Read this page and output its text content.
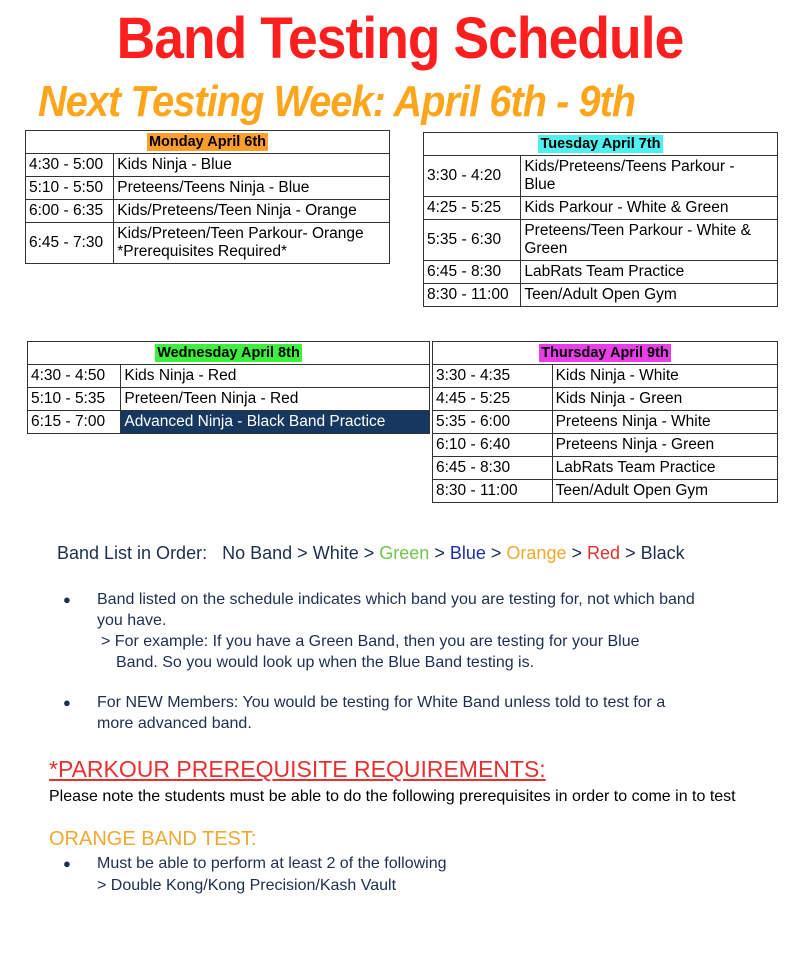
Band Testing Schedule
Next Testing Week: April 6th - 9th
Monday April 6th	
4:30 - 5:00	Kids Ninja - Blue
5:10 - 5:50	Preteens/Teens Ninja - Blue
6:00 - 6:35	Kids/Preteens/Teen Ninja - Orange
6:45 - 7:30	Kids/Preteen/Teen Parkour- Orange
*Prerequisites Required*
Tuesday April 7th	
3:30 - 4:20	Kids/Preteens/Teens Parkour -
Blue

4:25 - 5:25	Kids Parkour - White & Green
5:35 - 6:30	Preteens/Teen Parkour - White &
Green

6:45 - 8:30	LabRats Team Practice
8:30 - 11:00	Teen/Adult Open Gym
Wednesday April 8th	
4:30 - 4:50	Kids Ninja - Red
5:10 - 5:35	Preteen/Teen Ninja - Red
6:15 - 7:00	Advanced Ninja - Black Band Practice
Thursday April 9th	
3:30 - 4:35	Kids Ninja - White
4:45 - 5:25	Kids Ninja - Green
5:35 - 6:00	Preteens Ninja - White
6:10 - 6:40	Preteens Ninja - Green
6:45 - 8:30	LabRats Team Practice
8:30 - 11:00	Teen/Adult Open Gym
Band List in Order: No Band > White > Green > Blue > Orange > Red > Black
● Band listed on the schedule indicates which band you are testing for, not which band
you have.
> For example: If you have a Green Band, then you are testing for your Blue
Band. So you would look up when the Blue Band testing is.
● For NEW Members: You would be testing for White Band unless told to test for a
more advanced band.
*PARKOUR PREREQUISITE REQUIREMENTS:
Please note the students must be able to do the following prerequisites in order to come in to test
ORANGE BAND TEST:
● Must be able to perform at least 2 of the following
> Double Kong/Kong Precision/Kash Vault
